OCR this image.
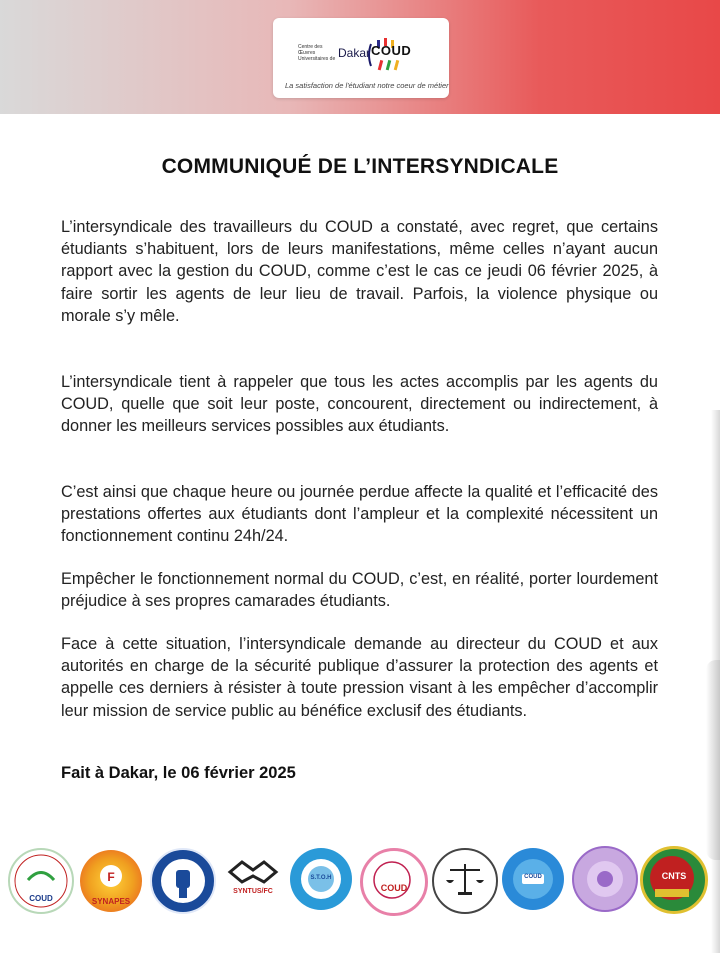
Centre des Œuvres Universitaires de Dakar COUD
La satisfaction de l'étudiant notre coeur de métier
COMMUNIQUÉ DE L’INTERSYNDICALE
L’intersyndicale des travailleurs du COUD a constaté, avec regret, que certains étudiants s’habituent, lors de leurs manifestations, même celles n’ayant aucun rapport avec la gestion du COUD, comme c’est le cas ce jeudi 06 février 2025, à faire sortir les agents de leur lieu de travail. Parfois, la violence physique ou morale s’y mêle.
L’intersyndicale tient à rappeler que tous les actes accomplis par les agents du COUD, quelle que soit leur poste, concourent, directement ou indirectement, à donner les meilleurs services possibles aux étudiants.
C’est ainsi que chaque heure ou journée perdue affecte la qualité et l’efficacité des prestations offertes aux étudiants dont l’ampleur et la complexité nécessitent un fonctionnement continu 24h/24.
Empêcher le fonctionnement normal du COUD, c’est, en réalité, porter lourdement préjudice à ses propres camarades étudiants.
Face à cette situation, l’intersyndicale demande au directeur du COUD et aux autorités en charge de la sécurité publique d’assurer la protection des agents et appelle ces derniers à résister à toute pression visant à les empêcher d’accomplir leur mission de service public au bénéfice exclusif des étudiants.
Fait à Dakar, le 06 février 2025
COUD
F
SYNAPES
SYNTUS/FC
S.T.O.H
COUD
COUD	CNTS
